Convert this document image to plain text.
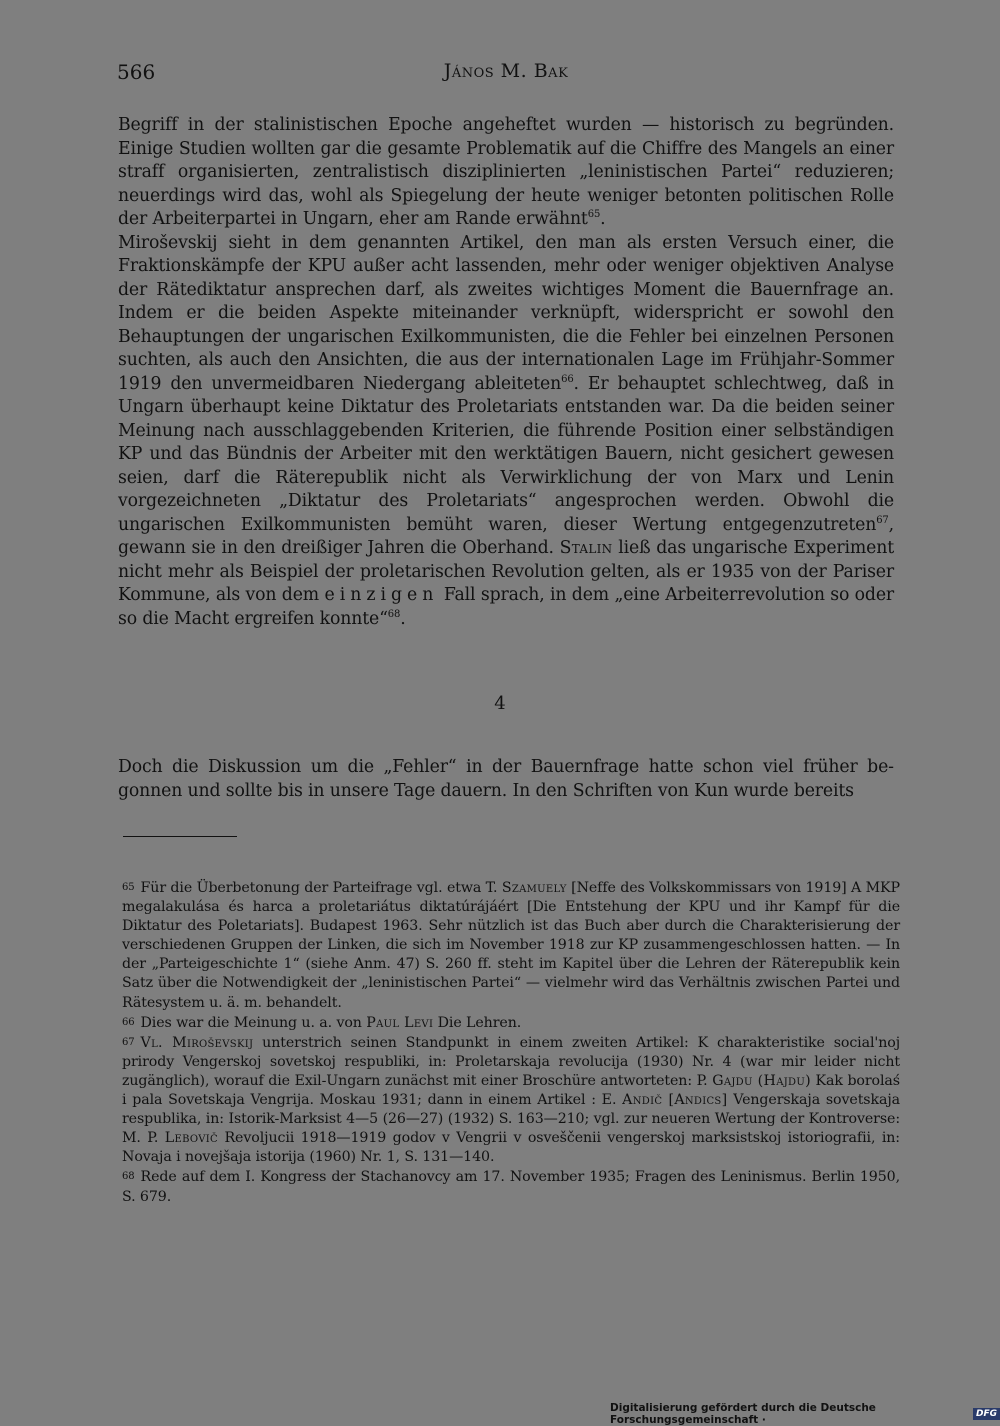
566	János M. Bak

Begriff in der stalinistischen Epoche angeheftet wurden — historisch zu begründen. Einige Studien wollten gar die gesamte Problematik auf die Chiffre des Mangels an einer straff organisierten, zentralistisch disziplinierten „leninistischen Partei“ reduzieren; neuerdings wird das, wohl als Spiegelung der heute weniger betonten politischen Rolle der Arbeiterpartei in Ungarn, eher am Rande erwähnt$^{65}$.

Miroševskij sieht in dem genannten Artikel, den man als ersten Versuch einer, die Fraktionskämpfe der KPU außer acht lassenden, mehr oder weniger objektiven Analyse der Rätediktatur ansprechen darf, als zweites wichtiges Moment die Bauernfrage an. Indem er die beiden Aspekte miteinander verknüpft, widerspricht er sowohl den Behauptungen der ungarischen Exilkommunisten, die die Fehler bei einzelnen Personen suchten, als auch den Ansichten, die aus der internationalen Lage im Frühjahr-Sommer 1919 den unvermeidbaren Niedergang ableiteten$^{66}$. Er behauptet schlechtweg, daß in Ungarn überhaupt keine Diktatur des Proletariats entstanden war. Da die beiden seiner Meinung nach ausschlaggebenden Kriterien, die führende Position einer selbständigen KP und das Bündnis der Arbeiter mit den werktätigen Bauern, nicht gesichert gewesen seien, darf die Räterepublik nicht als Verwirklichung der von Marx und Lenin vorgezeichneten „Diktatur des Proletariats“ angesprochen werden. Obwohl die ungarischen Exilkommunisten bemüht waren, dieser Wertung entgegenzutreten$^{67}$, gewann sie in den dreißiger Jahren die Oberhand. Stalin ließ das ungarische Experiment nicht mehr als Beispiel der proletarischen Revolution gelten, als er 1935 von der Pariser Kommune, als von dem einzigen Fall sprach, in dem „eine Arbeiterrevolution so oder so die Macht ergreifen konnte“$^{68}$.

4

Doch die Diskussion um die „Fehler“ in der Bauernfrage hatte schon viel früher begonnen und sollte bis in unsere Tage dauern. In den Schriften von Kun wurde bereits

65 Für die Überbetonung der Parteifrage vgl. etwa T. Szamuely [Neffe des Volkskommissars von 1919] A MKP megalakulása és harca a proletariátus diktatúrájáért [Die Entstehung der KPU und ihr Kampf für die Diktatur des Poletariats]. Budapest 1963. Sehr nützlich ist das Buch aber durch die Charakterisierung der verschiedenen Gruppen der Linken, die sich im November 1918 zur KP zusammengeschlossen hatten. — In der „Parteigeschichte 1“ (siehe Anm. 47) S. 260 ff. steht im Kapitel über die Lehren der Räterepublik kein Satz über die Notwendigkeit der „leninistischen Partei“ — vielmehr wird das Verhältnis zwischen Partei und Rätesystem u. ä. m. behandelt.

66 Dies war die Meinung u. a. von Paul Levi Die Lehren.

67 Vl. Miroševskij unterstrich seinen Standpunkt in einem zweiten Artikel: K charakteristike social'noj prirody Vengerskoj sovetskoj respubliki, in: Proletarskaja revolucija (1930) Nr. 4 (war mir leider nicht zugänglich), worauf die Exil-Ungarn zunächst mit einer Broschüre antworteten: P. Gajdu (Hajdu) Kak borolaś i pala Sovetskaja Vengrija. Moskau 1931; dann in einem Artikel : E. Andič [Andics] Vengerskaja sovetskaja respublika, in: Istorik-Marksist 4—5 (26—27) (1932) S. 163—210; vgl. zur neueren Wertung der Kontroverse: M. P. Lebovič Revoljucii 1918—1919 godov v Vengrii v osveščenii vengerskoj marksistskoj istoriografii, in: Novaja i novejšaja istorija (1960) Nr. 1, S. 131—140.

68 Rede auf dem I. Kongress der Stachanovcy am 17. November 1935; Fragen des Leninismus. Berlin 1950, S. 679.

Digitalisierung gefördert durch die Deutsche Forschungsgemeinschaft ·	DFG
